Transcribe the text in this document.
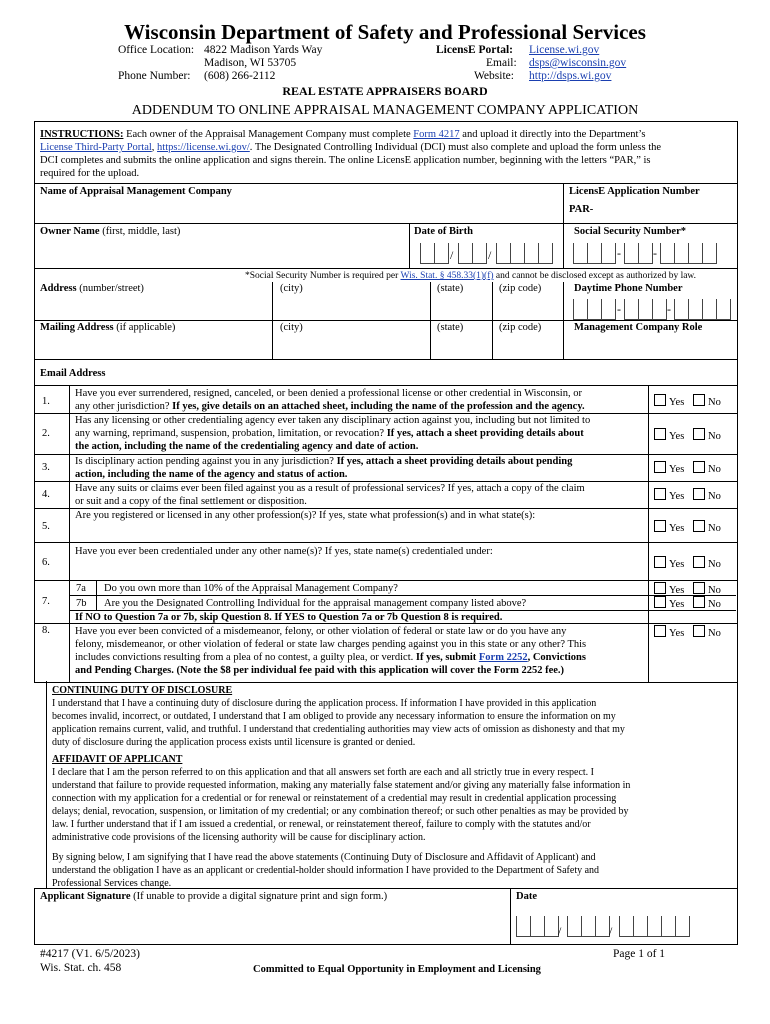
Wisconsin Department of Safety and Professional Services
Office Location: 4822 Madison Yards Way
Madison, WI 53705
Phone Number: (608) 266-2112
LicensE Portal:
Email:
Website:
License.wi.gov
dsps@wisconsin.gov
http://dsps.wi.gov
REAL ESTATE APPRAISERS BOARD
ADDENDUM TO ONLINE APPRAISAL MANAGEMENT COMPANY APPLICATION
INSTRUCTIONS: Each owner of the Appraisal Management Company must complete Form 4217 and upload it directly into the Department’s
License Third-Party Portal, https://license.wi.gov/. The Designated Controlling Individual (DCI) must also complete and upload the form unless the
DCI completes and submits the online application and signs therein. The online LicensE application number, beginning with the letters “PAR,” is
required for the upload.
Name of Appraisal Management Company	LicensE Application Number
PAR-
Owner Name (first, middle, last)	Date of Birth	Social Security Number*
/	/	-	-
*Social Security Number is required per Wis. Stat. § 458.33(1)(f) and cannot be disclosed except as authorized by law.
Address (number/street)	(city)	(state)	(zip code)	Daytime Phone Number
-	-
Mailing Address (if applicable)	(city)	(state)	(zip code)	Management Company Role
Email Address
1.
Have you ever surrendered, resigned, canceled, or been denied a professional license or other credential in Wisconsin, or
any other jurisdiction? If yes, give details on an attached sheet, including the name of the profession and the agency.	Yes	No
2.
Has any licensing or other credentialing agency ever taken any disciplinary action against you, including but not limited to
any warning, reprimand, suspension, probation, limitation, or revocation? If yes, attach a sheet providing details about
the action, including the name of the credentialing agency and date of action.
Yes	No
3.
Is disciplinary action pending against you in any jurisdiction? If yes, attach a sheet providing details about pending
action, including the name of the agency and status of action.	Yes	No
4.
Have any suits or claims ever been filed against you as a result of professional services? If yes, attach a copy of the claim
or suit and a copy of the final settlement or disposition.	Yes	No
5.
Are you registered or licensed in any other profession(s)? If yes, state what profession(s) and in what state(s):
Yes	No
6.
Have you ever been credentialed under any other name(s)? If yes, state name(s) credentialed under:
Yes	No
7.
7a Do you own more than 10% of the Appraisal Management Company?	Yes	No
7b Are you the Designated Controlling Individual for the appraisal management company listed above?	Yes	No
If NO to Question 7a or 7b, skip Question 8. If YES to Question 7a or 7b Question 8 is required.
8. Have you ever been convicted of a misdemeanor, felony, or other violation of federal or state law or do you have any
felony, misdemeanor, or other violation of federal or state law charges pending against you in this state or any other? This
includes convictions resulting from a plea of no contest, a guilty plea, or verdict. If yes, submit Form 2252, Convictions
and Pending Charges. (Note the $8 per individual fee paid with this application will cover the Form 2252 fee.)
Yes	No
CONTINUING DUTY OF DISCLOSURE
I understand that I have a continuing duty of disclosure during the application process. If information I have provided in this application
becomes invalid, incorrect, or outdated, I understand that I am obliged to provide any necessary information to ensure the information on my
application remains current, valid, and truthful. I understand that credentialing authorities may view acts of omission as dishonesty and that my
duty of disclosure during the application process exists until licensure is granted or denied.
AFFIDAVIT OF APPLICANT
I declare that I am the person referred to on this application and that all answers set forth are each and all strictly true in every respect. I
understand that failure to provide requested information, making any materially false statement and/or giving any materially false information in
connection with my application for a credential or for renewal or reinstatement of a credential may result in credential application processing
delays; denial, revocation, suspension, or limitation of my credential; or any combination thereof; or such other penalties as may be provided by
law. I further understand that if I am issued a credential, or renewal, or reinstatement thereof, failure to comply with the statutes and/or
administrative code provisions of the licensing authority will be cause for disciplinary action.
By signing below, I am signifying that I have read the above statements (Continuing Duty of Disclosure and Affidavit of Applicant) and
understand the obligation I have as an applicant or credential-holder should information I have provided to the Department of Safety and
Professional Services change.
Applicant Signature (If unable to provide a digital signature print and sign form.)	Date
/	/
#4217 (V1. 6/5/2023)
Wis. Stat. ch. 458	Committed to Equal Opportunity in Employment and Licensing
Page 1 of 1
